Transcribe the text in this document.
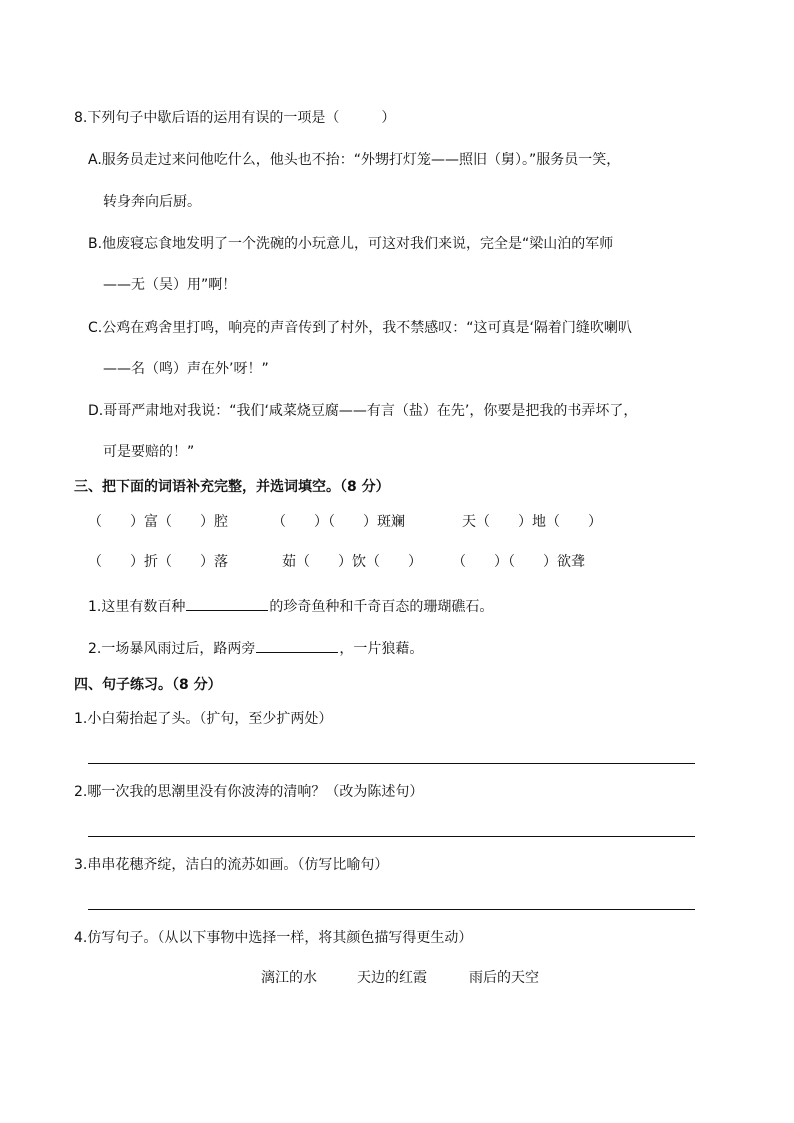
8.下列句子中歇后语的运用有误的一项是（　　　）
A.服务员走过来问他吃什么，他头也不抬：“外甥打灯笼——照旧（舅）。”服务员一笑，
转身奔向后厨。
B.他废寝忘食地发明了一个洗碗的小玩意儿，可这对我们来说，完全是“梁山泊的军师
——无（吴）用”啊！
C.公鸡在鸡舍里打鸣，响亮的声音传到了村外，我不禁感叹：“这可真是‘隔着门缝吹喇叭
——名（鸣）声在外’呀！”
D.哥哥严肃地对我说：“我们‘咸菜烧豆腐——有言（盐）在先’，你要是把我的书弄坏了，
可是要赔的！”
三、把下面的词语补充完整，并选词填空。（8 分）
（　　）富（　　）腔	（　　）（　　）斑斓	天（　　）地（　　）
（　　）折（　　）落	茹（　　）饮（　　） （　　）（　　）欲聋
1.这里有数百种	的珍奇鱼种和千奇百态的珊瑚礁石。
2.一场暴风雨过后，路两旁	，一片狼藉。
四、句子练习。（8 分）
1.小白菊抬起了头。（扩句，至少扩两处）
2.哪一次我的思潮里没有你波涛的清响？（改为陈述句）
3.串串花穗齐绽，洁白的流苏如画。（仿写比喻句）
4.仿写句子。（从以下事物中选择一样，将其颜色描写得更生动）
漓江的水	天边的红霞	雨后的天空
